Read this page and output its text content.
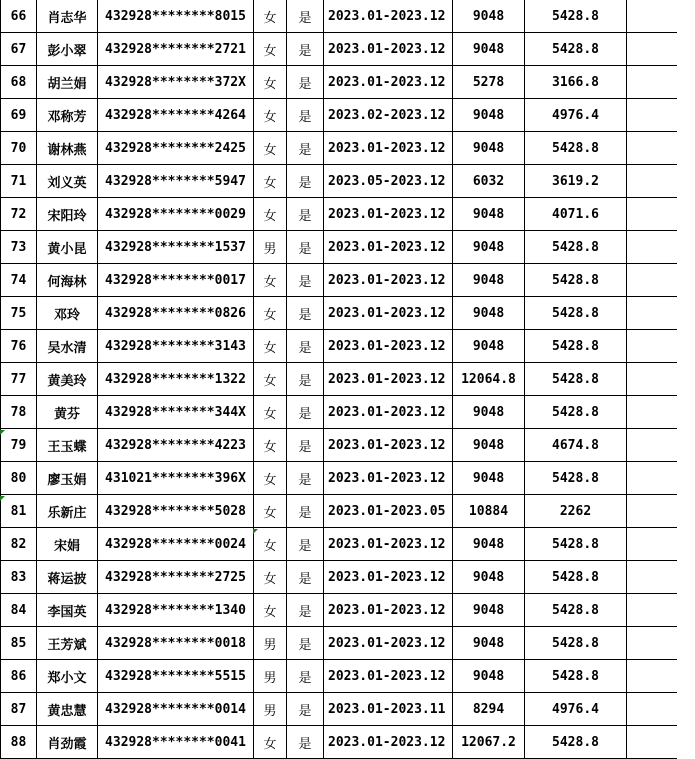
66	肖志华	432928********8015	女	是	2023.01-2023.12	9048	5428.8	
67	彭小翠	432928********2721	女	是	2023.01-2023.12	9048	5428.8	
68	胡兰娟	432928********372X	女	是	2023.01-2023.12	5278	3166.8	
69	邓称芳	432928********4264	女	是	2023.02-2023.12	9048	4976.4	
70	谢林燕	432928********2425	女	是	2023.01-2023.12	9048	5428.8	
71	刘义英	432928********5947	女	是	2023.05-2023.12	6032	3619.2	
72	宋阳玲	432928********0029	女	是	2023.01-2023.12	9048	4071.6	
73	黄小昆	432928********1537	男	是	2023.01-2023.12	9048	5428.8	
74	何海林	432928********0017	女	是	2023.01-2023.12	9048	5428.8	
75	邓玲	432928********0826	女	是	2023.01-2023.12	9048	5428.8	
76	吴水清	432928********3143	女	是	2023.01-2023.12	9048	5428.8	
77	黄美玲	432928********1322	女	是	2023.01-2023.12	12064.8	5428.8	
78	黄芬	432928********344X	女	是	2023.01-2023.12	9048	5428.8	
79	王玉蝶	432928********4223	女	是	2023.01-2023.12	9048	4674.8	
80	廖玉娟	431021********396X	女	是	2023.01-2023.12	9048	5428.8	
81	乐新庄	432928********5028	女	是	2023.01-2023.05	10884	2262	
82	宋娟	432928********0024	女	是	2023.01-2023.12	9048	5428.8	
83	蒋运披	432928********2725	女	是	2023.01-2023.12	9048	5428.8	
84	李国英	432928********1340	女	是	2023.01-2023.12	9048	5428.8	
85	王芳斌	432928********0018	男	是	2023.01-2023.12	9048	5428.8	
86	郑小文	432928********5515	男	是	2023.01-2023.12	9048	5428.8	
87	黄忠慧	432928********0014	男	是	2023.01-2023.11	8294	4976.4	
88	肖劲霞	432928********0041	女	是	2023.01-2023.12	12067.2	5428.8	
